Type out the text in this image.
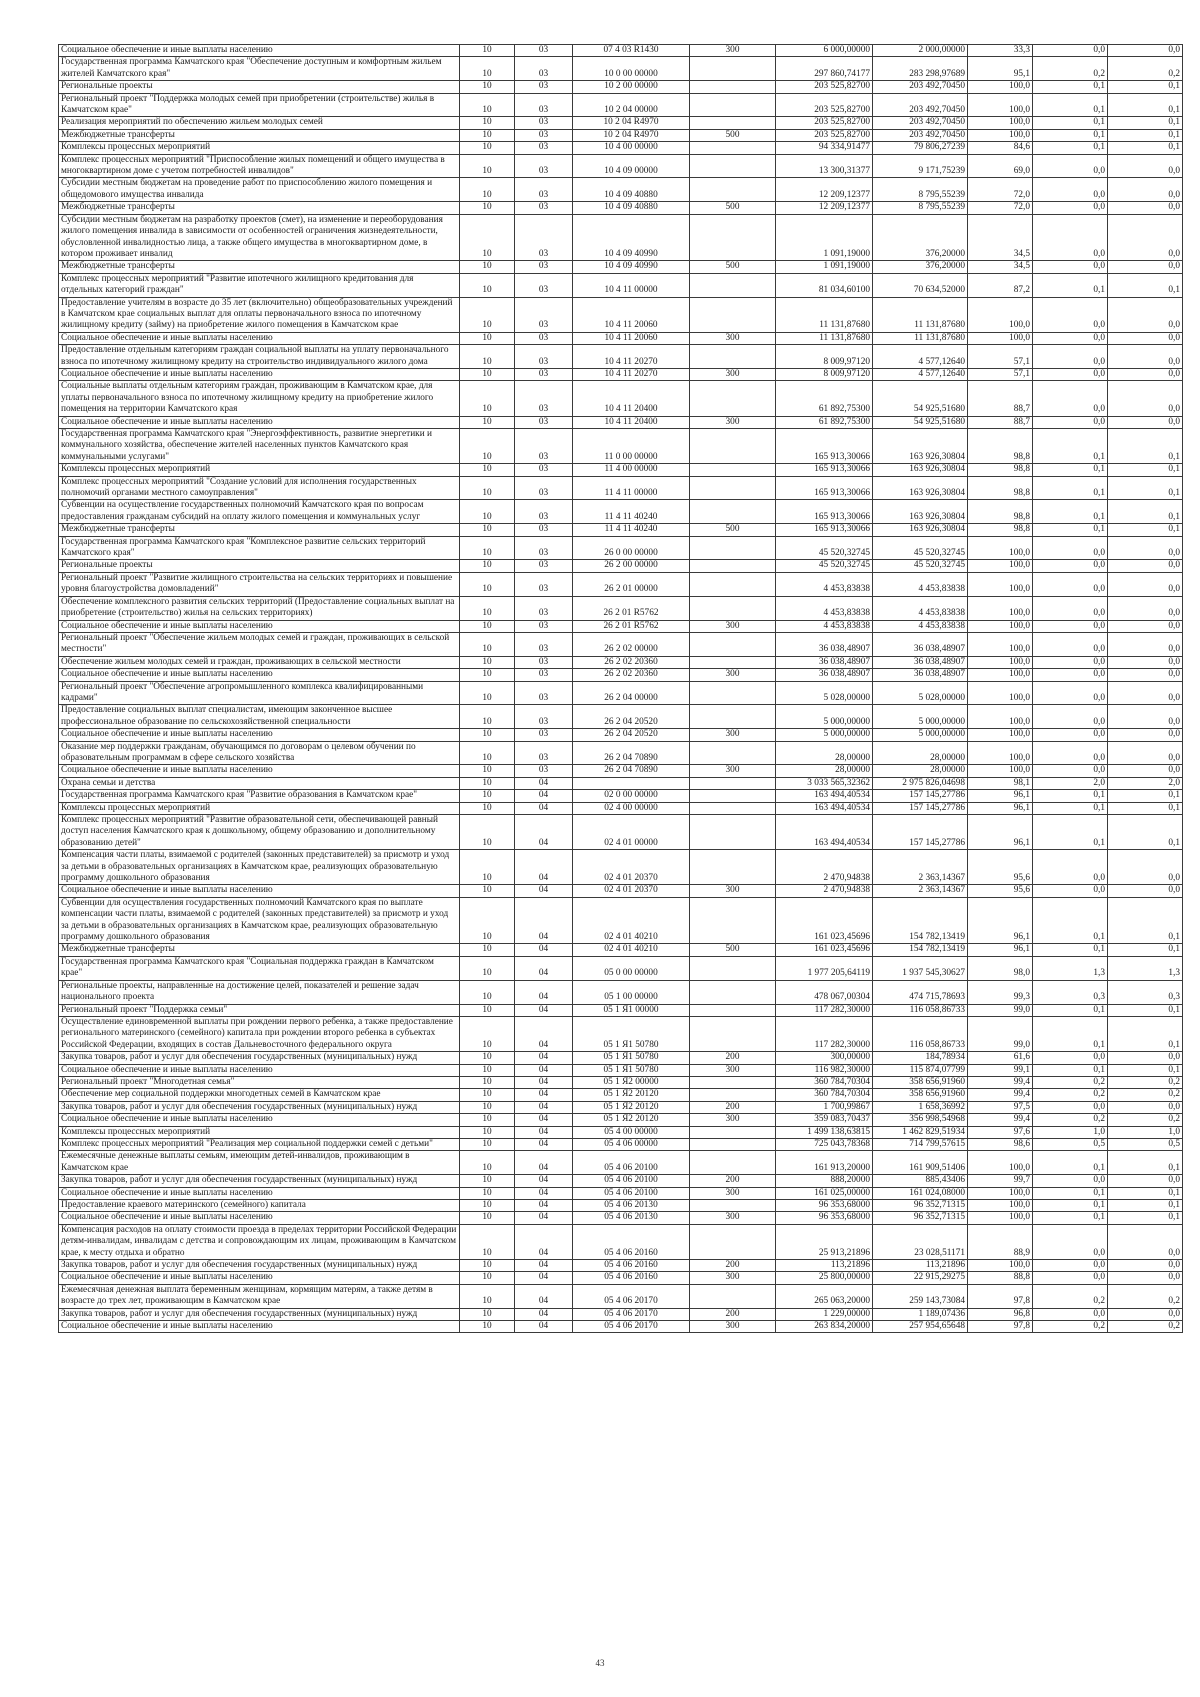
Социальное обеспечение и иные выплаты населению	10	03	07 4 03 R1430	300	6 000,00000	2 000,00000	33,3	0,0	0,0
Государственная программа Камчатского края "Обеспечение доступным и комфортным жильем жителей Камчатского края"	10	03	10 0 00 00000		297 860,74177	283 298,97689	95,1	0,2	0,2
Региональные проекты	10	03	10 2 00 00000		203 525,82700	203 492,70450	100,0	0,1	0,1
Региональный проект "Поддержка молодых семей при приобретении (строительстве) жилья в Камчатском крае"	10	03	10 2 04 00000		203 525,82700	203 492,70450	100,0	0,1	0,1
Реализация мероприятий по обеспечению жильем молодых семей	10	03	10 2 04 R4970		203 525,82700	203 492,70450	100,0	0,1	0,1
Межбюджетные трансферты	10	03	10 2 04 R4970	500	203 525,82700	203 492,70450	100,0	0,1	0,1
Комплексы процессных мероприятий	10	03	10 4 00 00000		94 334,91477	79 806,27239	84,6	0,1	0,1
Комплекс процессных мероприятий "Приспособление жилых помещений и общего имущества в многоквартирном доме с учетом потребностей инвалидов"	10	03	10 4 09 00000		13 300,31377	9 171,75239	69,0	0,0	0,0
Субсидии местным бюджетам на проведение работ по приспособлению жилого помещения и общедомового имущества инвалида	10	03	10 4 09 40880		12 209,12377	8 795,55239	72,0	0,0	0,0
Межбюджетные трансферты	10	03	10 4 09 40880	500	12 209,12377	8 795,55239	72,0	0,0	0,0
Субсидии местным бюджетам на разработку проектов (смет), на изменение и переоборудования жилого помещения инвалида в зависимости от особенностей ограничения жизнедеятельности, обусловленной инвалидностью лица, а также общего имущества в многоквартирном доме, в котором проживает инвалид	10	03	10 4 09 40990		1 091,19000	376,20000	34,5	0,0	0,0
Межбюджетные трансферты	10	03	10 4 09 40990	500	1 091,19000	376,20000	34,5	0,0	0,0
Комплекс процессных мероприятий "Развитие ипотечного жилищного кредитования для отдельных категорий граждан"	10	03	10 4 11 00000		81 034,60100	70 634,52000	87,2	0,1	0,1
Предоставление учителям в возрасте до 35 лет (включительно) общеобразовательных учреждений в Камчатском крае социальных выплат для оплаты первоначального взноса по ипотечному жилищному кредиту (займу) на приобретение жилого помещения в Камчатском крае	10	03	10 4 11 20060		11 131,87680	11 131,87680	100,0	0,0	0,0
Социальное обеспечение и иные выплаты населению	10	03	10 4 11 20060	300	11 131,87680	11 131,87680	100,0	0,0	0,0
Предоставление отдельным категориям граждан социальной выплаты на уплату первоначального взноса по ипотечному жилищному кредиту на строительство индивидуального жилого дома	10	03	10 4 11 20270		8 009,97120	4 577,12640	57,1	0,0	0,0
Социальное обеспечение и иные выплаты населению	10	03	10 4 11 20270	300	8 009,97120	4 577,12640	57,1	0,0	0,0
Социальные выплаты отдельным категориям граждан, проживающим в Камчатском крае, для уплаты первоначального взноса по ипотечному жилищному кредиту на приобретение жилого помещения на территории Камчатского края	10	03	10 4 11 20400		61 892,75300	54 925,51680	88,7	0,0	0,0
Социальное обеспечение и иные выплаты населению	10	03	10 4 11 20400	300	61 892,75300	54 925,51680	88,7	0,0	0,0
Государственная программа Камчатского края "Энергоэффективность, развитие энергетики и коммунального хозяйства, обеспечение жителей населенных пунктов Камчатского края коммунальными услугами"	10	03	11 0 00 00000		165 913,30066	163 926,30804	98,8	0,1	0,1
Комплексы процессных мероприятий	10	03	11 4 00 00000		165 913,30066	163 926,30804	98,8	0,1	0,1
Комплекс процессных мероприятий "Создание условий для исполнения государственных полномочий органами местного самоуправления"	10	03	11 4 11 00000		165 913,30066	163 926,30804	98,8	0,1	0,1
Субвенции на осуществление государственных полномочий Камчатского края по вопросам предоставления гражданам субсидий на оплату жилого помещения и коммунальных услуг	10	03	11 4 11 40240		165 913,30066	163 926,30804	98,8	0,1	0,1
Межбюджетные трансферты	10	03	11 4 11 40240	500	165 913,30066	163 926,30804	98,8	0,1	0,1
Государственная программа Камчатского края "Комплексное развитие сельских территорий Камчатского края"	10	03	26 0 00 00000		45 520,32745	45 520,32745	100,0	0,0	0,0
Региональные проекты	10	03	26 2 00 00000		45 520,32745	45 520,32745	100,0	0,0	0,0
Региональный проект "Развитие жилищного строительства на сельских территориях и повышение уровня благоустройства домовладений"	10	03	26 2 01 00000		4 453,83838	4 453,83838	100,0	0,0	0,0
Обеспечение комплексного развития сельских территорий (Предоставление социальных выплат на приобретение (строительство) жилья на сельских территориях)	10	03	26 2 01 R5762		4 453,83838	4 453,83838	100,0	0,0	0,0
Социальное обеспечение и иные выплаты населению	10	03	26 2 01 R5762	300	4 453,83838	4 453,83838	100,0	0,0	0,0
Региональный проект "Обеспечение жильем молодых семей и граждан, проживающих в сельской местности"	10	03	26 2 02 00000		36 038,48907	36 038,48907	100,0	0,0	0,0
Обеспечение жильем молодых семей и граждан, проживающих в сельской местности	10	03	26 2 02 20360		36 038,48907	36 038,48907	100,0	0,0	0,0
Социальное обеспечение и иные выплаты населению	10	03	26 2 02 20360	300	36 038,48907	36 038,48907	100,0	0,0	0,0
Региональный проект "Обеспечение агропромышленного комплекса квалифицированными кадрами"	10	03	26 2 04 00000		5 028,00000	5 028,00000	100,0	0,0	0,0
Предоставление социальных выплат специалистам, имеющим законченное высшее профессиональное образование по сельскохозяйственной специальности	10	03	26 2 04 20520		5 000,00000	5 000,00000	100,0	0,0	0,0
Социальное обеспечение и иные выплаты населению	10	03	26 2 04 20520	300	5 000,00000	5 000,00000	100,0	0,0	0,0
Оказание мер поддержки гражданам, обучающимся по договорам о целевом обучении по образовательным программам в сфере сельского хозяйства	10	03	26 2 04 70890		28,00000	28,00000	100,0	0,0	0,0
Социальное обеспечение и иные выплаты населению	10	03	26 2 04 70890	300	28,00000	28,00000	100,0	0,0	0,0
Охрана семьи и детства	10	04			3 033 565,32362	2 975 826,04698	98,1	2,0	2,0
Государственная программа Камчатского края "Развитие образования в Камчатском крае"	10	04	02 0 00 00000		163 494,40534	157 145,27786	96,1	0,1	0,1
Комплексы процессных мероприятий	10	04	02 4 00 00000		163 494,40534	157 145,27786	96,1	0,1	0,1
Комплекс процессных мероприятий "Развитие образовательной сети, обеспечивающей равный доступ населения Камчатского края к дошкольному, общему образованию и дополнительному образованию детей"	10	04	02 4 01 00000		163 494,40534	157 145,27786	96,1	0,1	0,1
Компенсация части платы, взимаемой с родителей (законных представителей) за присмотр и уход за детьми в образовательных организациях в Камчатском крае, реализующих образовательную программу дошкольного образования	10	04	02 4 01 20370		2 470,94838	2 363,14367	95,6	0,0	0,0
Социальное обеспечение и иные выплаты населению	10	04	02 4 01 20370	300	2 470,94838	2 363,14367	95,6	0,0	0,0
Субвенции для осуществления государственных полномочий Камчатского края по выплате компенсации части платы, взимаемой с родителей (законных представителей) за присмотр и уход за детьми в образовательных организациях в Камчатском крае, реализующих образовательную программу дошкольного образования	10	04	02 4 01 40210		161 023,45696	154 782,13419	96,1	0,1	0,1
Межбюджетные трансферты	10	04	02 4 01 40210	500	161 023,45696	154 782,13419	96,1	0,1	0,1
Государственная программа Камчатского края "Социальная поддержка граждан в Камчатском крае"	10	04	05 0 00 00000		1 977 205,64119	1 937 545,30627	98,0	1,3	1,3
Региональные проекты, направленные на достижение целей, показателей и решение задач национального проекта	10	04	05 1 00 00000		478 067,00304	474 715,78693	99,3	0,3	0,3
Региональный проект "Поддержка семьи"	10	04	05 1 Я1 00000		117 282,30000	116 058,86733	99,0	0,1	0,1
Осуществление единовременной выплаты при рождении первого ребенка, а также предоставление регионального материнского (семейного) капитала при рождении второго ребенка в субъектах Российской Федерации, входящих в состав Дальневосточного федерального округа	10	04	05 1 Я1 50780		117 282,30000	116 058,86733	99,0	0,1	0,1
Закупка товаров, работ и услуг для обеспечения государственных (муниципальных) нужд	10	04	05 1 Я1 50780	200	300,00000	184,78934	61,6	0,0	0,0
Социальное обеспечение и иные выплаты населению	10	04	05 1 Я1 50780	300	116 982,30000	115 874,07799	99,1	0,1	0,1
Региональный проект "Многодетная семья"	10	04	05 1 Я2 00000		360 784,70304	358 656,91960	99,4	0,2	0,2
Обеспечение мер социальной поддержки многодетных семей в Камчатском крае	10	04	05 1 Я2 20120		360 784,70304	358 656,91960	99,4	0,2	0,2
Закупка товаров, работ и услуг для обеспечения государственных (муниципальных) нужд	10	04	05 1 Я2 20120	200	1 700,99867	1 658,36992	97,5	0,0	0,0
Социальное обеспечение и иные выплаты населению	10	04	05 1 Я2 20120	300	359 083,70437	356 998,54968	99,4	0,2	0,2
Комплексы процессных мероприятий	10	04	05 4 00 00000		1 499 138,63815	1 462 829,51934	97,6	1,0	1,0
Комплекс процессных мероприятий "Реализация мер социальной поддержки семей с детьми"	10	04	05 4 06 00000		725 043,78368	714 799,57615	98,6	0,5	0,5
Ежемесячные денежные выплаты семьям, имеющим детей-инвалидов, проживающим в Камчатском крае	10	04	05 4 06 20100		161 913,20000	161 909,51406	100,0	0,1	0,1
Закупка товаров, работ и услуг для обеспечения государственных (муниципальных) нужд	10	04	05 4 06 20100	200	888,20000	885,43406	99,7	0,0	0,0
Социальное обеспечение и иные выплаты населению	10	04	05 4 06 20100	300	161 025,00000	161 024,08000	100,0	0,1	0,1
Предоставление краевого материнского (семейного) капитала	10	04	05 4 06 20130		96 353,68000	96 352,71315	100,0	0,1	0,1
Социальное обеспечение и иные выплаты населению	10	04	05 4 06 20130	300	96 353,68000	96 352,71315	100,0	0,1	0,1
Компенсация расходов на оплату стоимости проезда в пределах территории Российской Федерации детям-инвалидам, инвалидам с детства и сопровождающим их лицам, проживающим в Камчатском крае, к месту отдыха и обратно	10	04	05 4 06 20160		25 913,21896	23 028,51171	88,9	0,0	0,0
Закупка товаров, работ и услуг для обеспечения государственных (муниципальных) нужд	10	04	05 4 06 20160	200	113,21896	113,21896	100,0	0,0	0,0
Социальное обеспечение и иные выплаты населению	10	04	05 4 06 20160	300	25 800,00000	22 915,29275	88,8	0,0	0,0
Ежемесячная денежная выплата беременным женщинам, кормящим матерям, а также детям в возрасте до трех лет, проживающим в Камчатском крае	10	04	05 4 06 20170		265 063,20000	259 143,73084	97,8	0,2	0,2
Закупка товаров, работ и услуг для обеспечения государственных (муниципальных) нужд	10	04	05 4 06 20170	200	1 229,00000	1 189,07436	96,8	0,0	0,0
Социальное обеспечение и иные выплаты населению	10	04	05 4 06 20170	300	263 834,20000	257 954,65648	97,8	0,2	0,2
43
